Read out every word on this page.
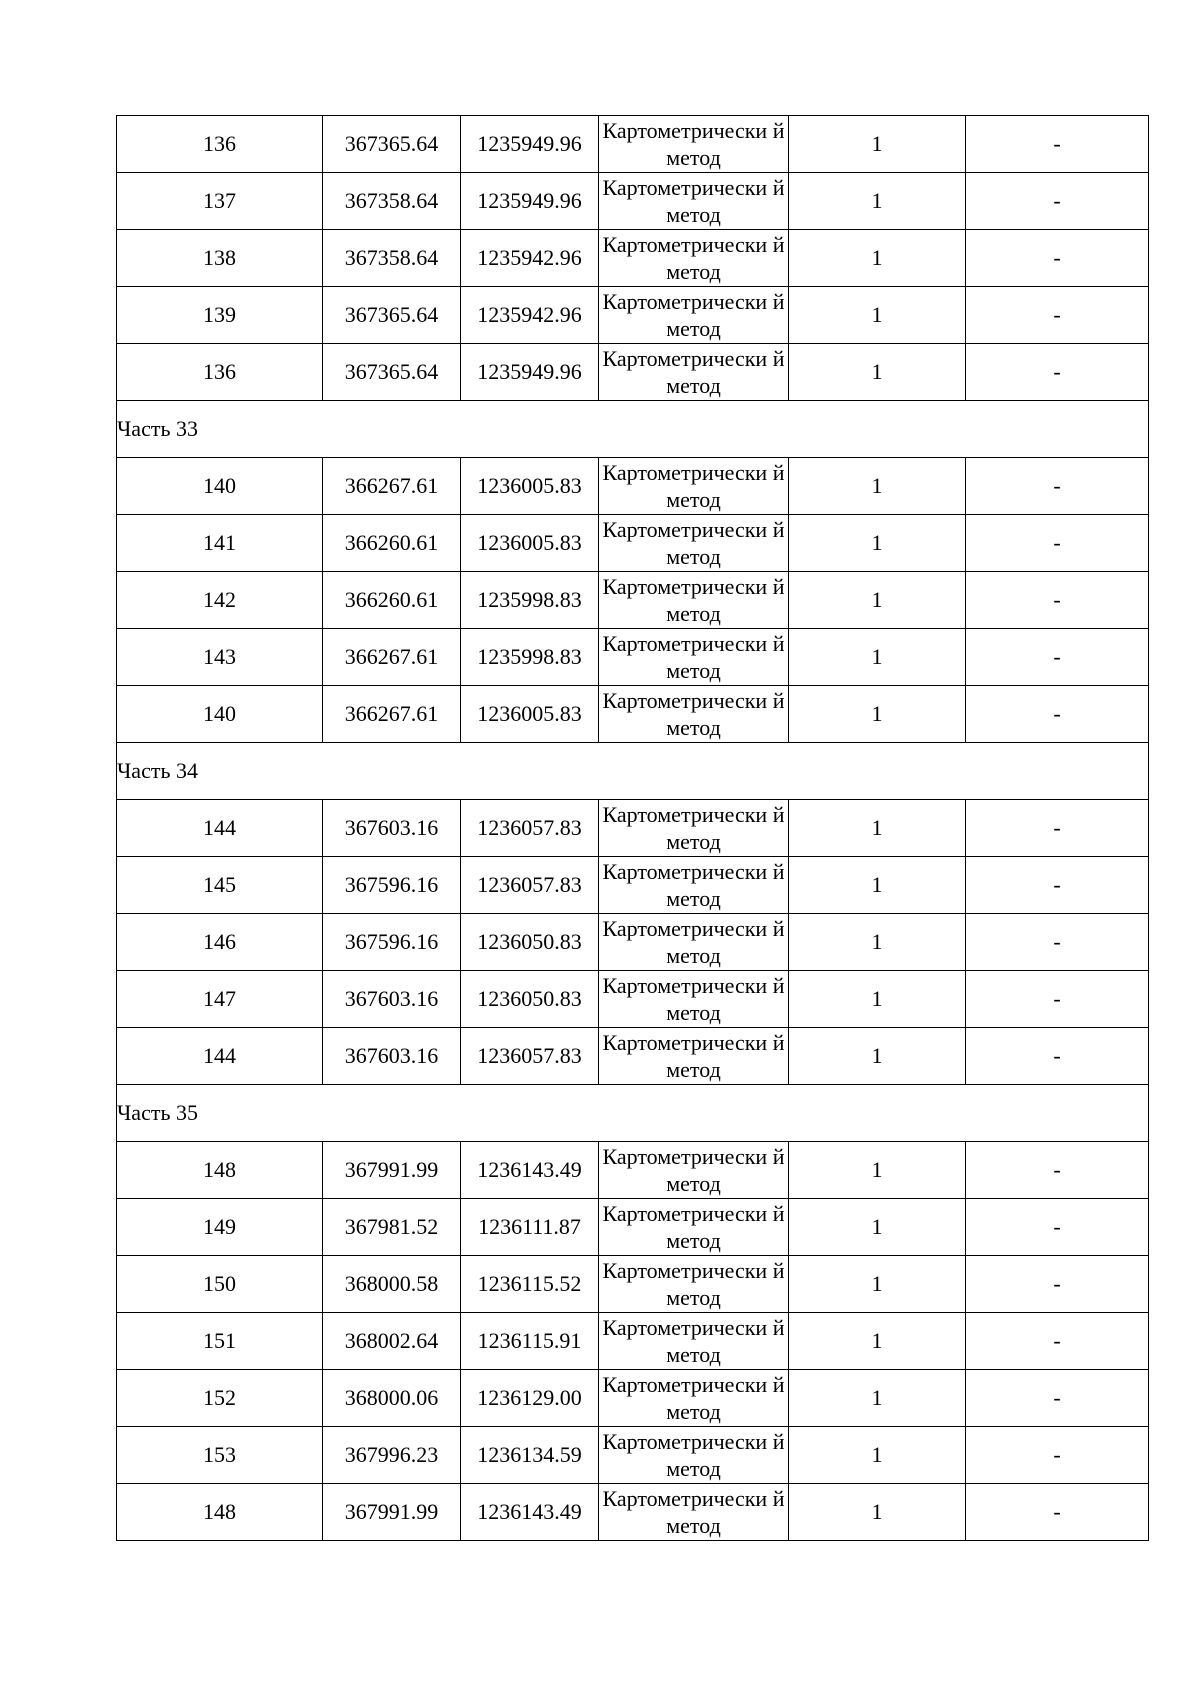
136	367365.64	1235949.96	Картометрически й метод	1	-
137	367358.64	1235949.96	Картометрически й метод	1	-
138	367358.64	1235942.96	Картометрически й метод	1	-
139	367365.64	1235942.96	Картометрически й метод	1	-
136	367365.64	1235949.96	Картометрически й метод	1	-
Часть 33					
140	366267.61	1236005.83	Картометрически й метод	1	-
141	366260.61	1236005.83	Картометрически й метод	1	-
142	366260.61	1235998.83	Картометрически й метод	1	-
143	366267.61	1235998.83	Картометрически й метод	1	-
140	366267.61	1236005.83	Картометрически й метод	1	-
Часть 34					
144	367603.16	1236057.83	Картометрически й метод	1	-
145	367596.16	1236057.83	Картометрически й метод	1	-
146	367596.16	1236050.83	Картометрически й метод	1	-
147	367603.16	1236050.83	Картометрически й метод	1	-
144	367603.16	1236057.83	Картометрически й метод	1	-
Часть 35					
148	367991.99	1236143.49	Картометрически й метод	1	-
149	367981.52	1236111.87	Картометрически й метод	1	-
150	368000.58	1236115.52	Картометрически й метод	1	-
151	368002.64	1236115.91	Картометрически й метод	1	-
152	368000.06	1236129.00	Картометрически й метод	1	-
153	367996.23	1236134.59	Картометрически й метод	1	-
148	367991.99	1236143.49	Картометрически й метод	1	-
